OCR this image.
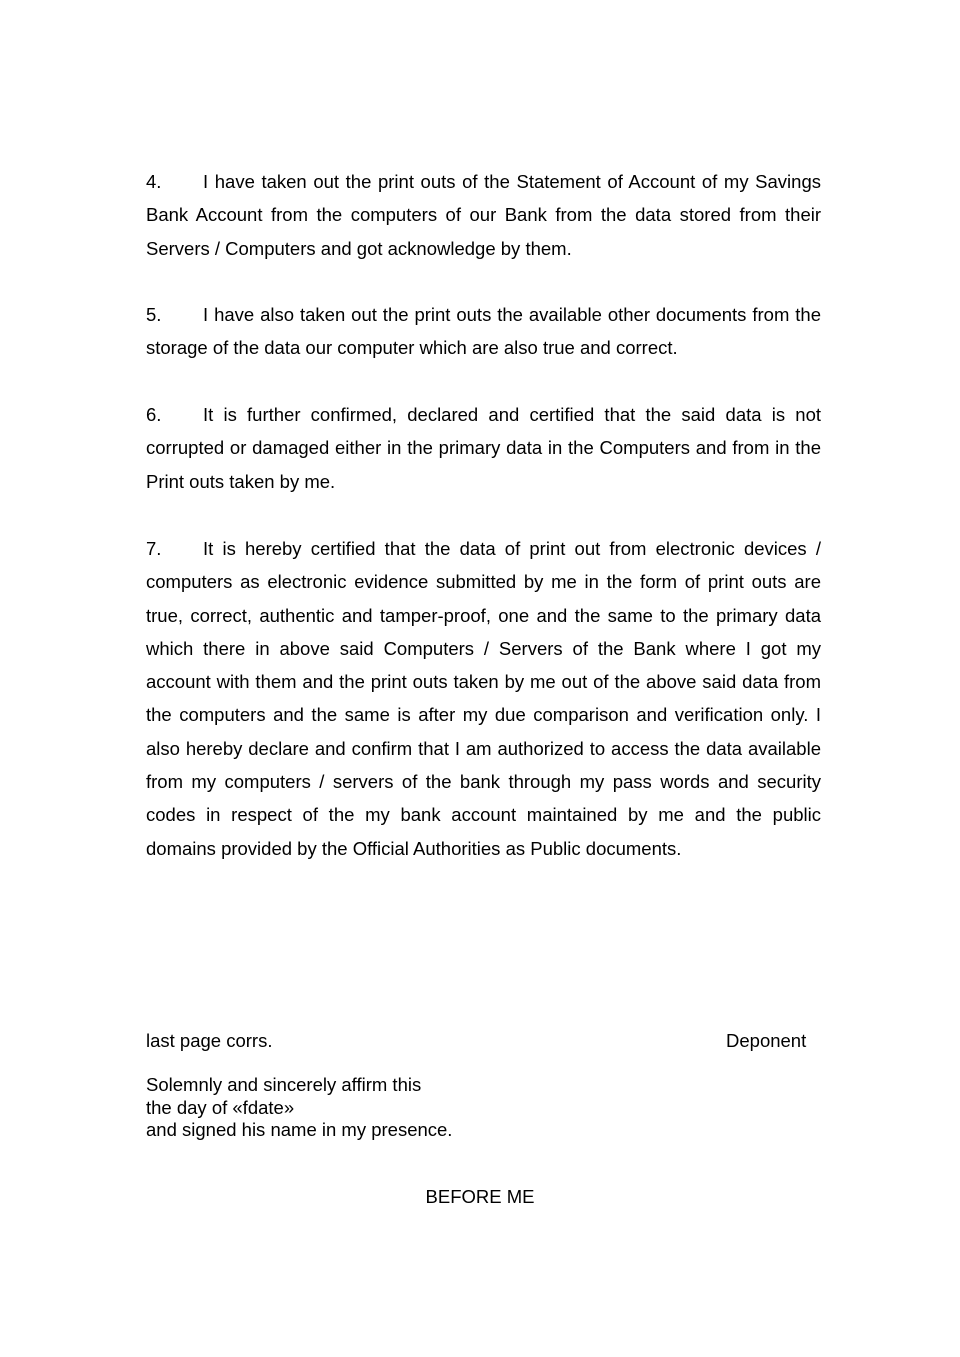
4. I have taken out the print outs of the Statement of Account of my Savings Bank Account from the computers of our Bank from the data stored from their Servers / Computers and got acknowledge by them.

5. I have also taken out the print outs the available other documents from the storage of the data our computer which are also true and correct.

6. It is further confirmed, declared and certified that the said data is not corrupted or damaged either in the primary data in the Computers and from in the Print outs taken by me.

7. It is hereby certified that the data of print out from electronic devices / computers as electronic evidence submitted by me in the form of print outs are true, correct, authentic and tamper-proof, one and the same to the primary data which there in above said Computers / Servers of the Bank where I got my account with them and the print outs taken by me out of the above said data from the computers and the same is after my due comparison and verification only. I also hereby declare and confirm that I am authorized to access the data available from my computers / servers of the bank through my pass words and security codes in respect of the my bank account maintained by me and the public domains provided by the Official Authorities as Public documents.

last page corrs.	Deponent
Solemnly and sincerely affirm this
the day of «fdate»
and signed his name in my presence.
BEFORE ME
